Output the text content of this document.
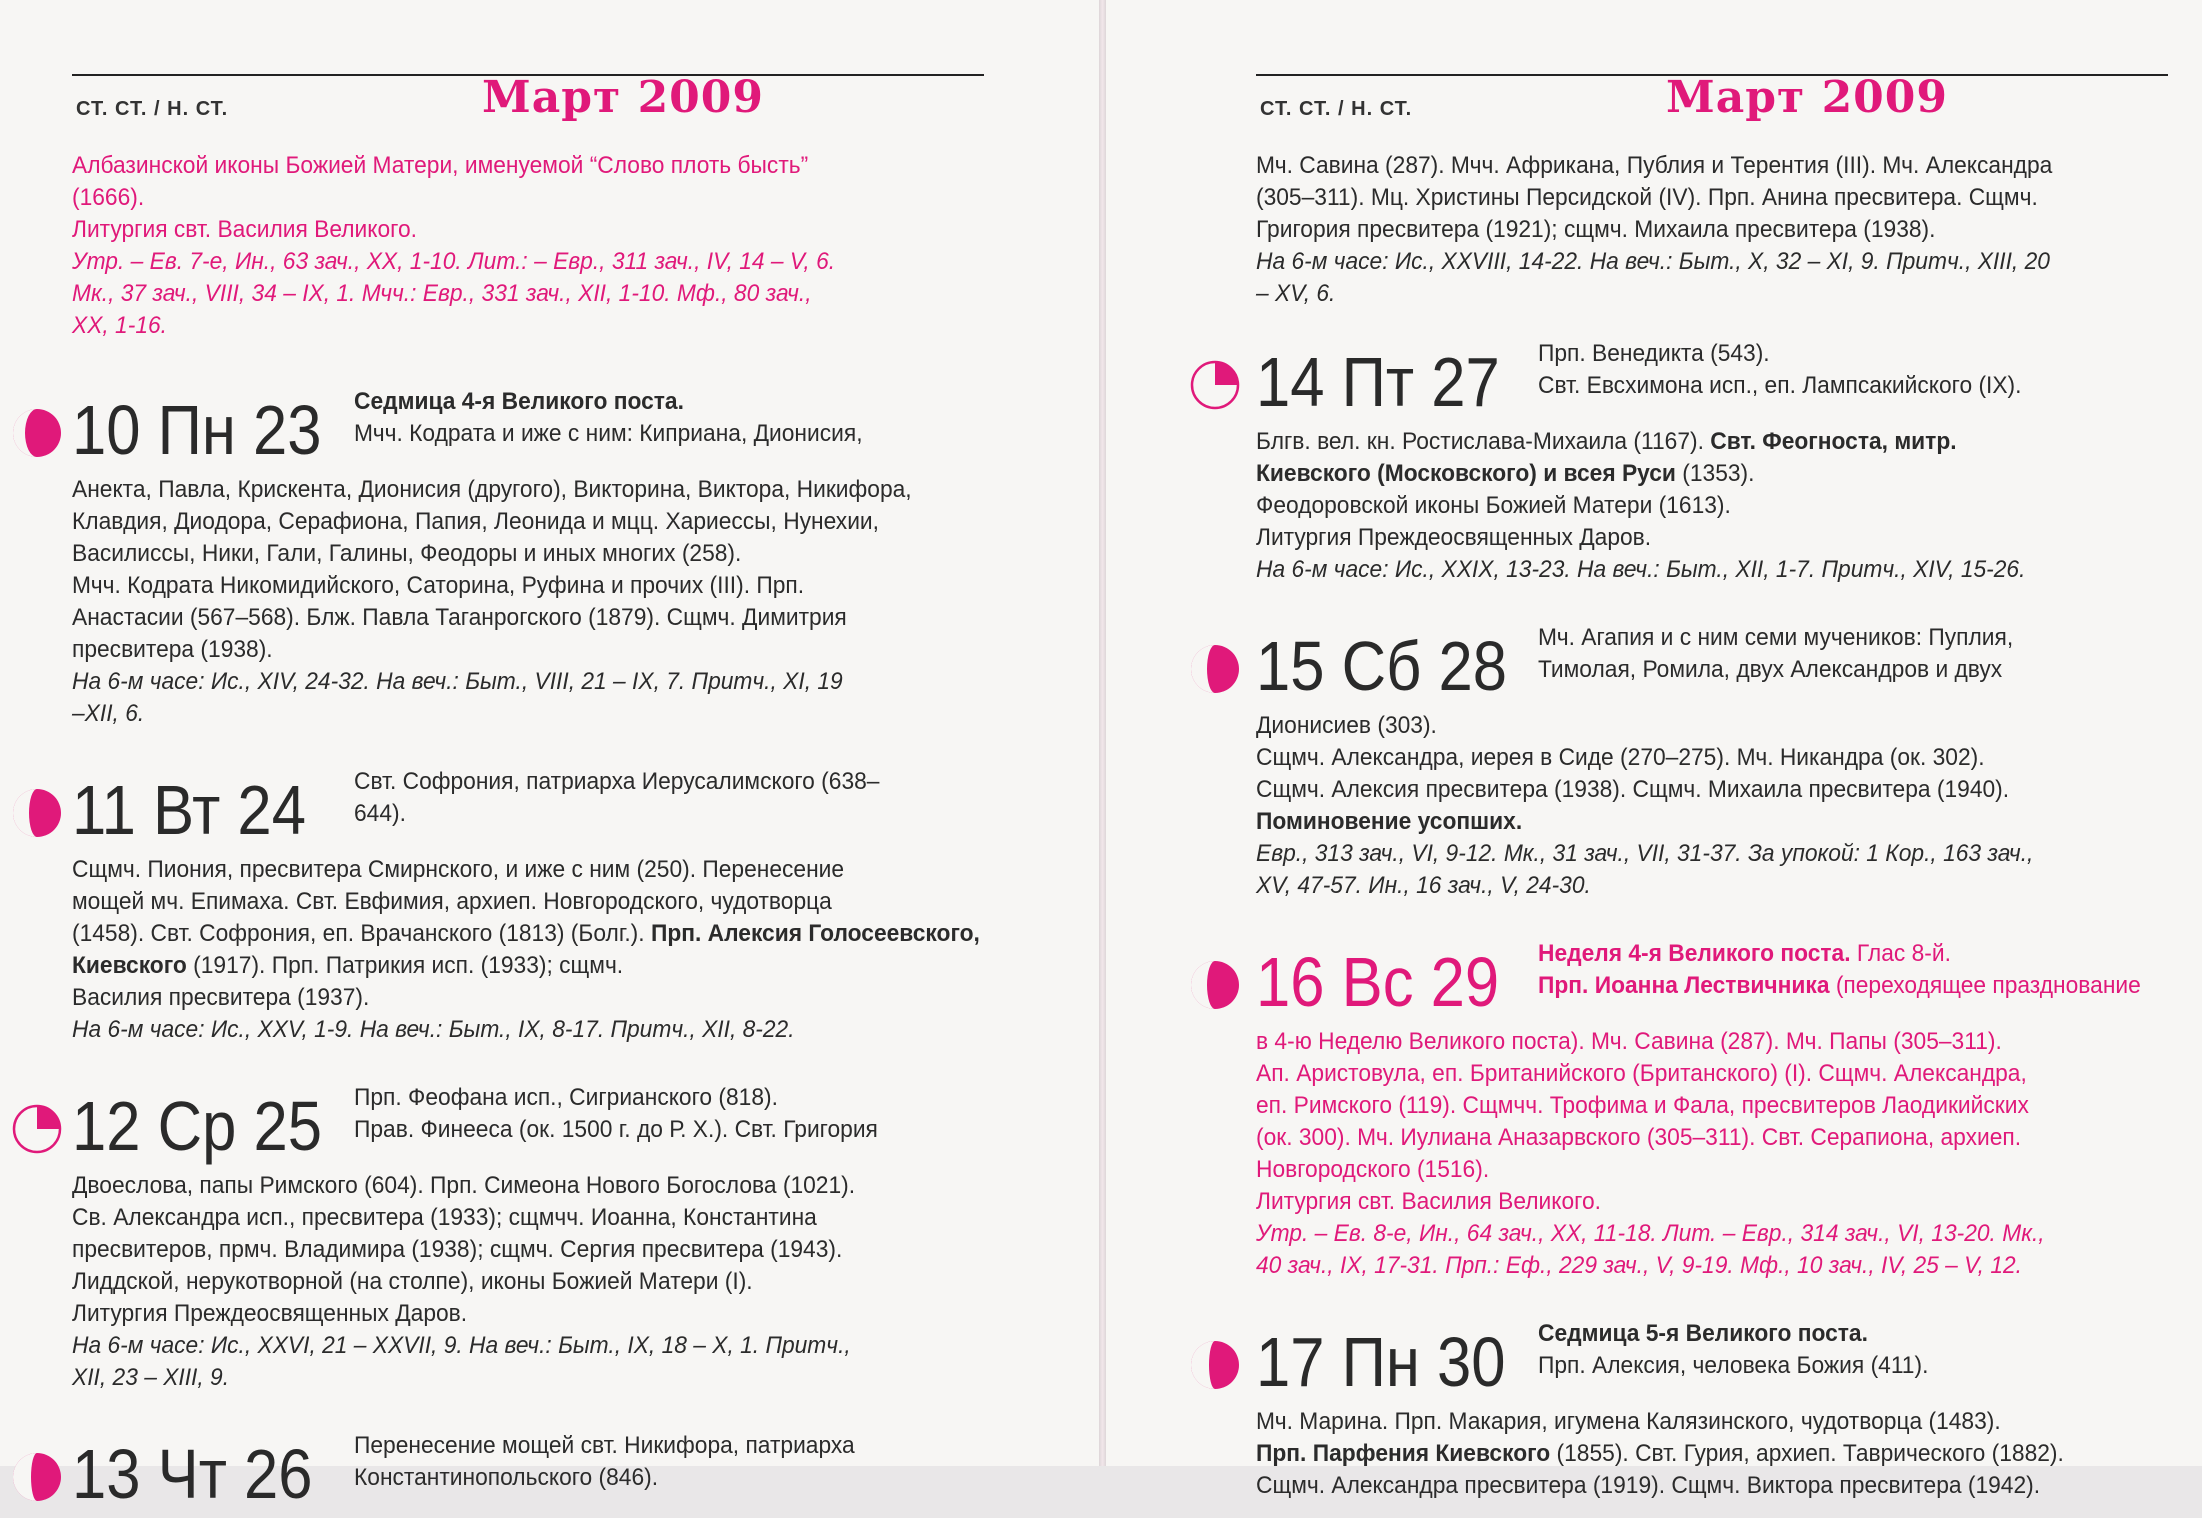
СТ. СТ. / Н. СТ.	Март 2009
Албазинской иконы Божией Матери, именуемой “Слово плоть бысть”
(1666).
Литургия свт. Василия Великого.
Утр. – Ев. 7-е, Ин., 63 зач., XX, 1-10. Лит.: – Евр., 311 зач., IV, 14 – V, 6.
Мк., 37 зач., VIII, 34 – IX, 1. Мчч.: Евр., 331 зач., XII, 1-10. Мф., 80 зач.,
XX, 1-16.
10 Пн 23 Седмица 4-я Великого поста.
Мчч. Кодрата и иже с ним: Киприана, Дионисия,
Анекта, Павла, Крискента, Дионисия (другого), Викторина, Виктора, Никифора,
Клавдия, Диодора, Серафиона, Папия, Леонида и мцц. Хариессы, Нунехии,
Василиссы, Ники, Гали, Галины, Феодоры и иных многих (258).
Мчч. Кодрата Никомидийского, Саторина, Руфина и прочих (III). Прп.
Анастасии (567–568). Блж. Павла Таганрогского (1879). Сщмч. Димитрия
пресвитера (1938).
На 6-м часе: Ис., XIV, 24-32. На веч.: Быт., VIII, 21 – IX, 7. Притч., XI, 19
–XII, 6.
11 Вт 24 Свт. Софрония, патриарха Иерусалимского (638–
644).
Сщмч. Пиония, пресвитера Смирнского, и иже с ним (250). Перенесение
мощей мч. Епимаха. Свт. Евфимия, архиеп. Новгородского, чудотворца
(1458). Свт. Софрония, еп. Врачанского (1813) (Болг.). Прп. Алексия Голосеевского, Киевского (1917). Прп. Патрикия исп. (1933); сщмч.
Василия пресвитера (1937).
На 6-м часе: Ис., XXV, 1-9. На веч.: Быт., IX, 8-17. Притч., XII, 8-22.
12 Ср 25 Прп. Феофана исп., Сигрианского (818).
Прав. Финееса (ок. 1500 г. до Р. Х.). Свт. Григория
Двоеслова, папы Римского (604). Прп. Симеона Нового Богослова (1021).
Св. Александра исп., пресвитера (1933); сщмчч. Иоанна, Константина
пресвитеров, прмч. Владимира (1938); сщмч. Сергия пресвитера (1943).
Лиддской, нерукотворной (на столпе), иконы Божией Матери (I).
Литургия Преждеосвященных Даров.
На 6-м часе: Ис., XXVI, 21 – XXVII, 9. На веч.: Быт., IX, 18 – X, 1. Притч.,
XII, 23 – XIII, 9.
13 Чт 26 Перенесение мощей свт. Никифора, патриарха
Константинопольского (846).
СТ. СТ. / Н. СТ.	Март 2009
Мч. Савина (287). Мчч. Африкана, Публия и Терентия (III). Мч. Александра
(305–311). Мц. Христины Персидской (IV). Прп. Анина пресвитера. Сщмч.
Григория пресвитера (1921); сщмч. Михаила пресвитера (1938).
На 6-м часе: Ис., XXVIII, 14-22. На веч.: Быт., X, 32 – XI, 9. Притч., XIII, 20
– XV, 6.
14 Пт 27 Прп. Венедикта (543).
Свт. Евсхимона исп., еп. Лампсакийского (IX).
Блгв. вел. кн. Ростислава-Михаила (1167). Свт. Феогноста, митр.
Киевского (Московского) и всея Руси (1353).
Феодоровской иконы Божией Матери (1613).
Литургия Преждеосвященных Даров.
На 6-м часе: Ис., XXIX, 13-23. На веч.: Быт., XII, 1-7. Притч., XIV, 15-26.
15 Сб 28 Мч. Агапия и с ним семи мучеников: Пуплия,
Тимолая, Ромила, двух Александров и двух
Дионисиев (303).
Сщмч. Александра, иерея в Сиде (270–275). Мч. Никандра (ок. 302).
Сщмч. Алексия пресвитера (1938). Сщмч. Михаила пресвитера (1940).
Поминовение усопших.
Евр., 313 зач., VI, 9-12. Мк., 31 зач., VII, 31-37. За упокой: 1 Кор., 163 зач.,
XV, 47-57. Ин., 16 зач., V, 24-30.
16 Вс 29 Неделя 4-я Великого поста. Глас 8-й.
Прп. Иоанна Лествичника (переходящее празднование
в 4-ю Неделю Великого поста). Мч. Савина (287). Мч. Папы (305–311).
Ап. Аристовула, еп. Британийского (Британского) (I). Сщмч. Александра,
еп. Римского (119). Сщмчч. Трофима и Фала, пресвитеров Лаодикийских
(ок. 300). Мч. Иулиана Аназарвского (305–311). Свт. Серапиона, архиеп.
Новгородского (1516).
Литургия свт. Василия Великого.
Утр. – Ев. 8-е, Ин., 64 зач., XX, 11-18. Лит. – Евр., 314 зач., VI, 13-20. Мк.,
40 зач., IX, 17-31. Прп.: Еф., 229 зач., V, 9-19. Мф., 10 зач., IV, 25 – V, 12.
17 Пн 30 Седмица 5-я Великого поста.
Прп. Алексия, человека Божия (411).
Мч. Марина. Прп. Макария, игумена Калязинского, чудотворца (1483).
Прп. Парфения Киевского (1855). Свт. Гурия, архиеп. Таврического (1882).
Сщмч. Александра пресвитера (1919). Сщмч. Виктора пресвитера (1942).
